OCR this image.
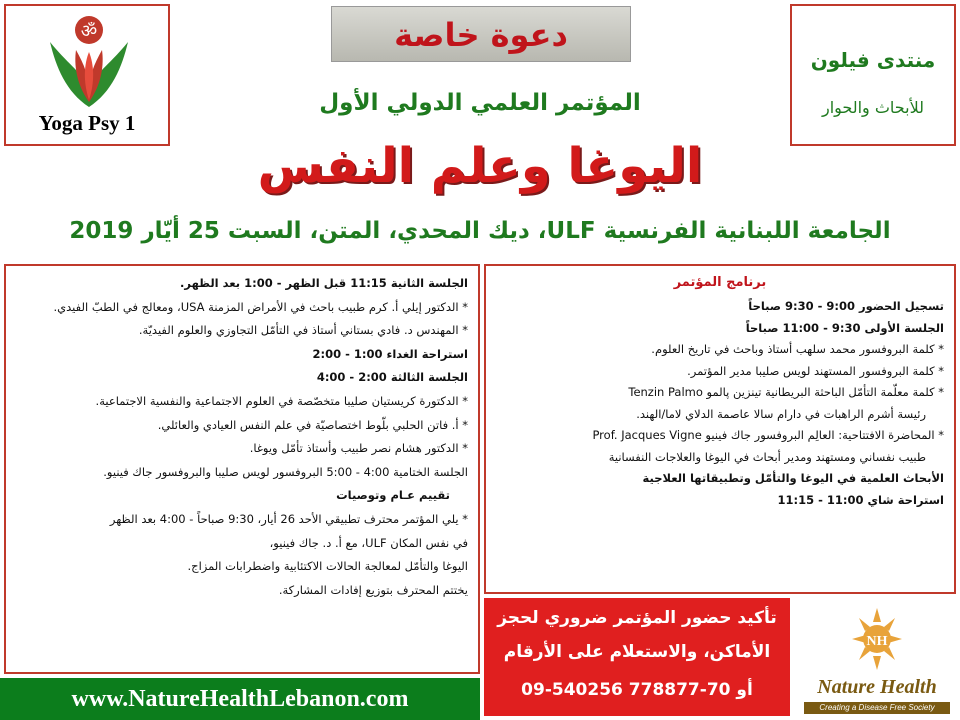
ॐ
Yoga Psy 1
منتدى فيلون
للأبحاث والحوار
دعوة خاصة
المؤتمر العلمي الدولي الأول
اليوغا وعلم النفس
الجامعة اللبنانية الفرنسية ULF، ديك المحدي، المتن، السبت 25 أيّار 2019
برنامج المؤتمر
تسجيل الحضور 9:00 - 9:30 صباحاً
الجلسة الأولى 9:30 - 11:00 صباحاً
* كلمة البروفسور محمد سلهب أستاذ وباحث في تاريخ العلوم.
* كلمة البروفسور المستهند لويس صليبا مدير المؤتمر.
* كلمة معلّمة التأمّل الباحثة البريطانية تينزين پالمو Tenzin Palmo
رئيسة أشرم الراهبات في دارام سالا عاصمة الدلاي لاما/الهند.
* المحاضرة الافتتاحية: العالِم البروفسور جاك فينيو Prof. Jacques Vigne
طبيب نفساني ومستهند ومدير أبحاث في اليوغا والعلاجات النفسانية
الأبحاث العلمية في اليوغا والتأمّل وتطبيقاتها العلاجية
استراحة شاي 11:00 - 11:15
الجلسة الثانية 11:15 قبل الظهر - 1:00 بعد الظهر.
* الدكتور إيلي أ. كرم طبيب باحث في الأمراض المزمنة USA، ومعالج في الطبّ الفيدي.
* المهندس د. فادي بستاني أستاذ في التأمّل التجاوزي والعلوم الفيديّة.
استراحة الغداء 1:00 - 2:00
الجلسة الثالثة 2:00 - 4:00
* الدكتورة كريستيان صليبا متخصّصة في العلوم الاجتماعية والنفسية الاجتماعية.
* أ. فاتن الحلبي بلّوط اختصاصيّة في علم النفس العيادي والعائلي.
* الدكتور هشام نصر طبيب وأستاذ تأمّل ويوغا.
الجلسة الختامية 4:00 - 5:00 البروفسور لويس صليبا والبروفسور جاك فينيو.
تقييم عـام وتوصيات
* يلي المؤتمر محترف تطبيقي الأحد 26 أيار، 9:30 صباحاً - 4:00 بعد الظهر
في نفس المكان ULF، مع أ. د. جاك فينيو،
اليوغا والتأمّل لمعالجة الحالات الاكتئابية واضطرابات المزاج.
يختتم المحترف بتوزيع إفادات المشاركة.
تأكيد حضور المؤتمر ضروري لحجز
الأماكن، والاستعلام على الأرقام
09-540256 أو 70-778877
www.NatureHealthLebanon.com
NH
Nature Health
Creating a Disease Free Society
